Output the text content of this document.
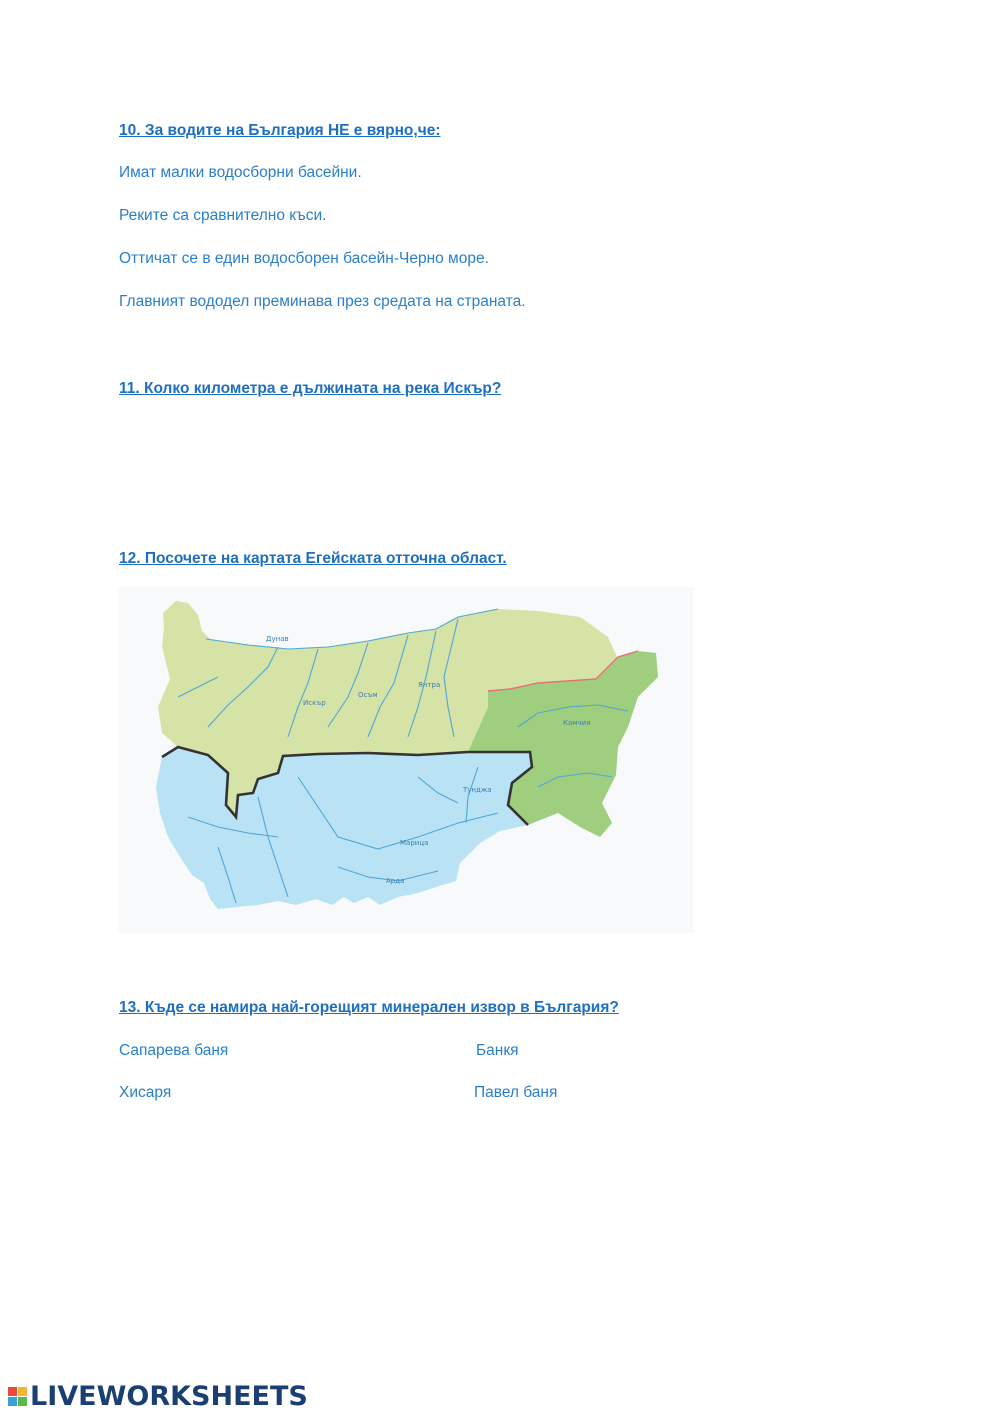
10. За водите на България НЕ е вярно,че:
Имат малки водосборни басейни.
Реките са сравнително къси.
Оттичат се в един водосборен басейн-Черно море.
Главният вододел преминава през средата на страната.
11. Колко километра е дължината на река Искър?
12. Посочете на картата Егейската отточна област.
Дунав
Искър
Осъм
Янтра
Камчия
Тунджа
Марица
Арда
13. Къде се намира най-горещият минерален извор в България?
Сапарева баня	Банкя
Хисаря	Павел баня
LIVEWORKSHEETS
